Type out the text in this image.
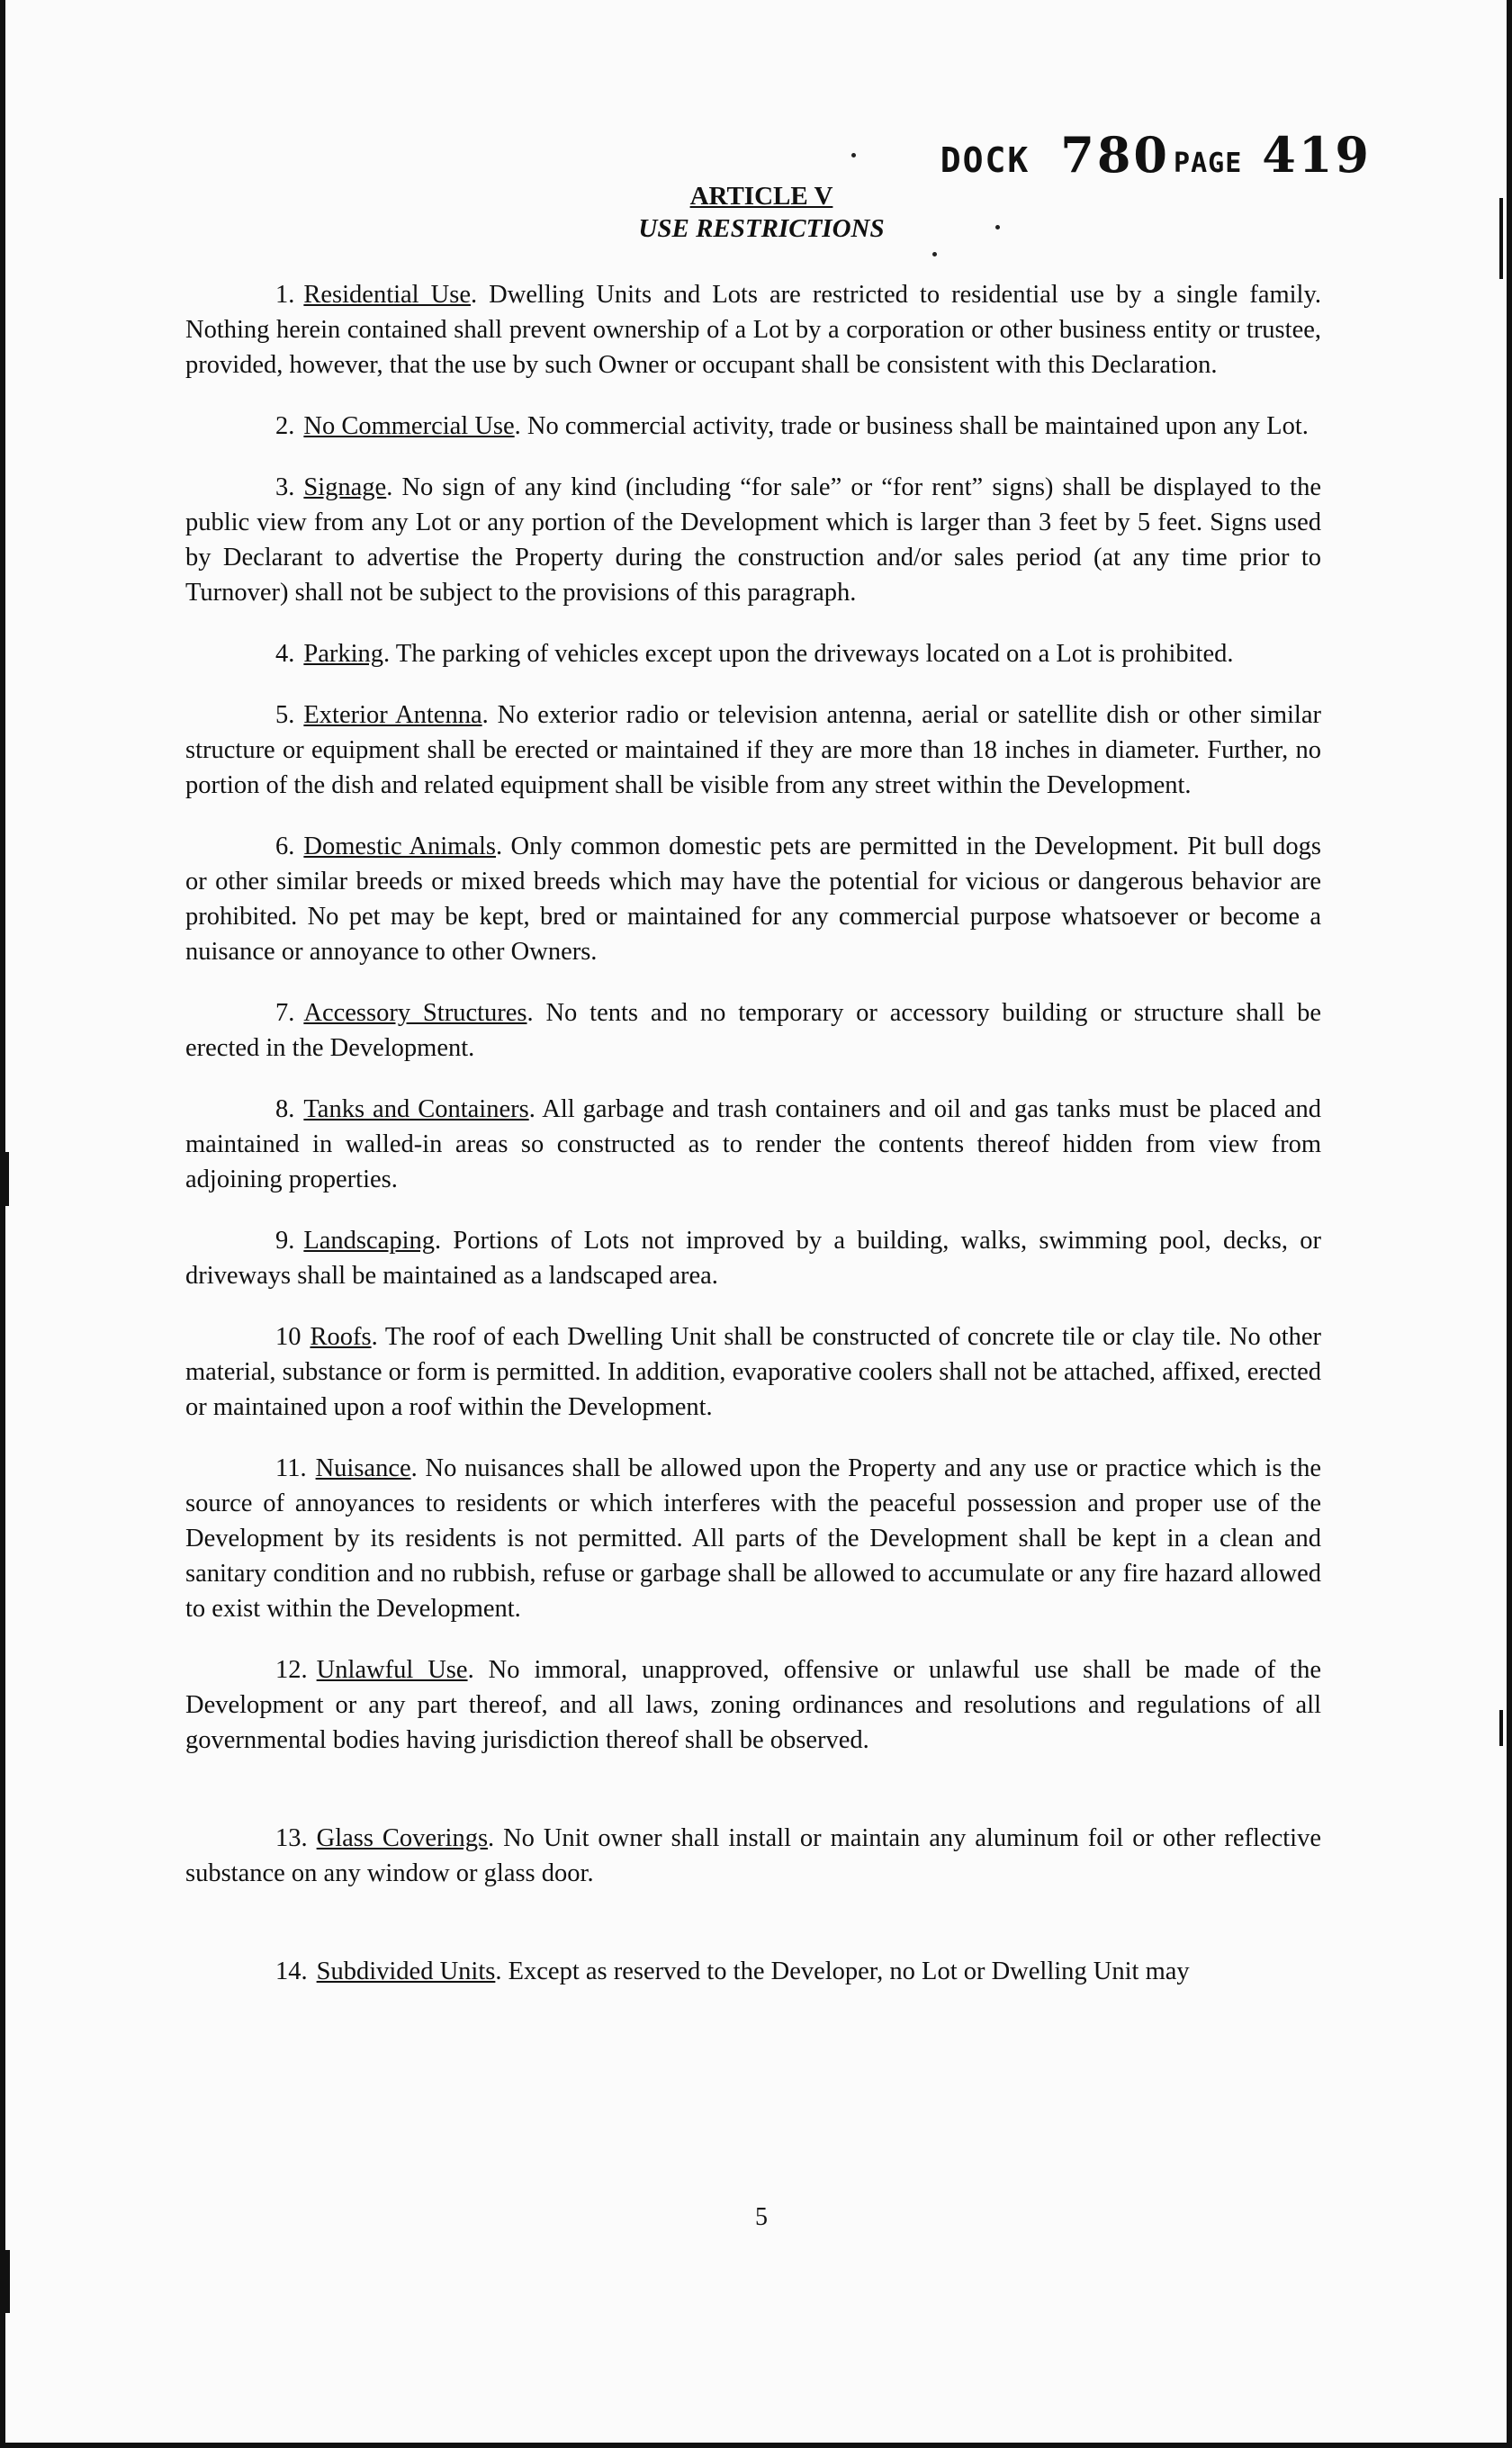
DOCK 780 PAGE 419
ARTICLE V
USE RESTRICTIONS

1. Residential Use. Dwelling Units and Lots are restricted to residential use by a single family. Nothing herein contained shall prevent ownership of a Lot by a corporation or other business entity or trustee, provided, however, that the use by such Owner or occupant shall be consistent with this Declaration.

2. No Commercial Use. No commercial activity, trade or business shall be maintained upon any Lot.

3. Signage. No sign of any kind (including “for sale” or “for rent” signs) shall be displayed to the public view from any Lot or any portion of the Development which is larger than 3 feet by 5 feet. Signs used by Declarant to advertise the Property during the construction and/or sales period (at any time prior to Turnover) shall not be subject to the provisions of this paragraph.

4. Parking. The parking of vehicles except upon the driveways located on a Lot is prohibited.

5. Exterior Antenna. No exterior radio or television antenna, aerial or satellite dish or other similar structure or equipment shall be erected or maintained if they are more than 18 inches in diameter. Further, no portion of the dish and related equipment shall be visible from any street within the Development.

6. Domestic Animals. Only common domestic pets are permitted in the Development. Pit bull dogs or other similar breeds or mixed breeds which may have the potential for vicious or dangerous behavior are prohibited. No pet may be kept, bred or maintained for any commercial purpose whatsoever or become a nuisance or annoyance to other Owners.

7. Accessory Structures. No tents and no temporary or accessory building or structure shall be erected in the Development.

8. Tanks and Containers. All garbage and trash containers and oil and gas tanks must be placed and maintained in walled-in areas so constructed as to render the contents thereof hidden from view from adjoining properties.

9. Landscaping. Portions of Lots not improved by a building, walks, swimming pool, decks, or driveways shall be maintained as a landscaped area.

10 Roofs. The roof of each Dwelling Unit shall be constructed of concrete tile or clay tile. No other material, substance or form is permitted. In addition, evaporative coolers shall not be attached, affixed, erected or maintained upon a roof within the Development.

11. Nuisance. No nuisances shall be allowed upon the Property and any use or practice which is the source of annoyances to residents or which interferes with the peaceful possession and proper use of the Development by its residents is not permitted. All parts of the Development shall be kept in a clean and sanitary condition and no rubbish, refuse or garbage shall be allowed to accumulate or any fire hazard allowed to exist within the Development.

12. Unlawful Use. No immoral, unapproved, offensive or unlawful use shall be made of the Development or any part thereof, and all laws, zoning ordinances and resolutions and regulations of all governmental bodies having jurisdiction thereof shall be observed.

13. Glass Coverings. No Unit owner shall install or maintain any aluminum foil or other reflective substance on any window or glass door.

14. Subdivided Units. Except as reserved to the Developer, no Lot or Dwelling Unit may

5
